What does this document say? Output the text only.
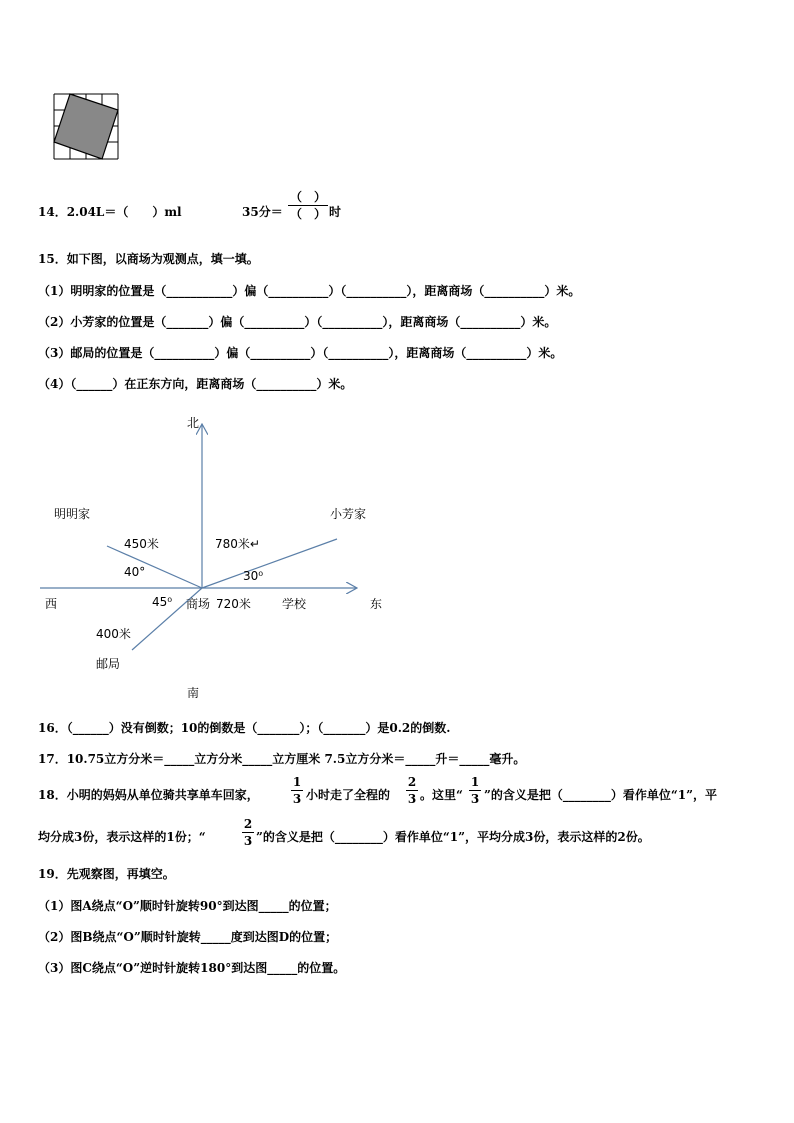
14．2.04L＝（　　）ml	35分＝
（　）
（　） 时
15．如下图，以商场为观测点，填一填。
（1）明明家的位置是（___________）偏（__________）（__________），距离商场（__________）米。
（2）小芳家的位置是（_______）偏（__________）（__________），距离商场（__________）米。
（3）邮局的位置是（__________）偏（__________）（__________），距离商场（__________）米。
（4）（______）在正东方向，距离商场（__________）米。
北
南
西	东
明明家	小芳家
商场	学校
邮局
450米	780米↵
720米
400米
40°	30⁰
45⁰
16．（______）没有倒数；10的倒数是（_______）；（_______）是0.2的倒数.
17．10.75立方分米＝_____立方分米_____立方厘米 7.5立方分米＝_____升＝_____毫升。
18．小明的妈妈从单位骑共享单车回家，
1
3 小时走了全程的
2
3 。这里“
1
3 ”的含义是把（________）看作单位“1”，平
均分成3份，表示这样的1份；“
2
3 ”的含义是把（________）看作单位“1”，平均分成3份，表示这样的2份。
19．先观察图，再填空。
（1）图A绕点“O”顺时针旋转90°到达图_____的位置；
（2）图B绕点“O”顺时针旋转_____度到达图D的位置；
（3）图C绕点“O”逆时针旋转180°到达图_____的位置。
